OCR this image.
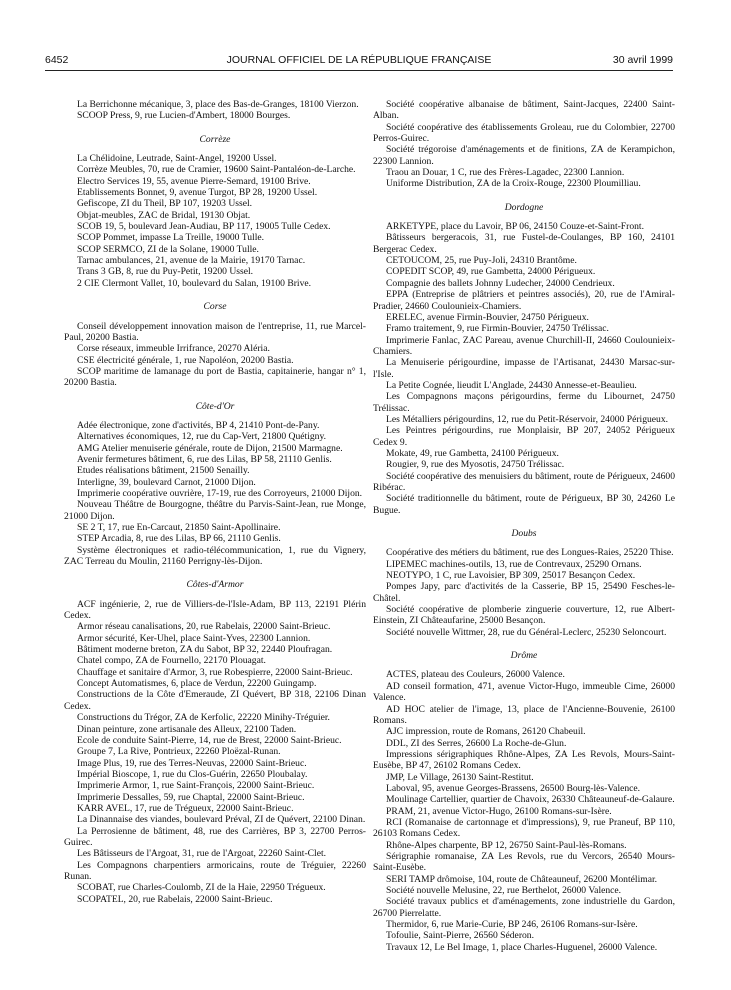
6452	JOURNAL OFFICIEL DE LA RÉPUBLIQUE FRANÇAISE	30 avril 1999

La Berrichonne mécanique, 3, place des Bas-de-Granges, 18100 Vierzon.

SCOOP Press, 9, rue Lucien-d'Ambert, 18000 Bourges.

Corrèze

La Chélidoine, Leutrade, Saint-Angel, 19200 Ussel.

Corrèze Meubles, 70, rue de Cramier, 19600 Saint-Pantaléon-de-Larche.

Electro Services 19, 55, avenue Pierre-Semard, 19100 Brive.

Etablissements Bonnet, 9, avenue Turgot, BP 28, 19200 Ussel.

Gefiscope, ZI du Theil, BP 107, 19203 Ussel.

Objat-meubles, ZAC de Bridal, 19130 Objat.

SCOB 19, 5, boulevard Jean-Audiau, BP 117, 19005 Tulle Cedex.

SCOP Pommet, impasse La Treille, 19000 Tulle.

SCOP SERMCO, ZI de la Solane, 19000 Tulle.

Tarnac ambulances, 21, avenue de la Mairie, 19170 Tarnac.

Trans 3 GB, 8, rue du Puy-Petit, 19200 Ussel.

2 CIE Clermont Vallet, 10, boulevard du Salan, 19100 Brive.

Corse

Conseil développement innovation maison de l'entreprise, 11, rue Marcel-Paul, 20200 Bastia.

Corse réseaux, immeuble Irrifrance, 20270 Aléria.

CSE électricité générale, 1, rue Napoléon, 20200 Bastia.

SCOP maritime de lamanage du port de Bastia, capitainerie, hangar n° 1, 20200 Bastia.

Côte-d'Or

Adée électronique, zone d'activités, BP 4, 21410 Pont-de-Pany.

Alternatives économiques, 12, rue du Cap-Vert, 21800 Quétigny.

AMG Atelier menuiserie générale, route de Dijon, 21500 Marmagne.

Avenir fermetures bâtiment, 6, rue des Lilas, BP 58, 21110 Genlis.

Etudes réalisations bâtiment, 21500 Senailly.

Interligne, 39, boulevard Carnot, 21000 Dijon.

Imprimerie coopérative ouvrière, 17-19, rue des Corroyeurs, 21000 Dijon.

Nouveau Théâtre de Bourgogne, théâtre du Parvis-Saint-Jean, rue Monge, 21000 Dijon.

SE 2 T, 17, rue En-Carcaut, 21850 Saint-Apollinaire.

STEP Arcadia, 8, rue des Lilas, BP 66, 21110 Genlis.

Système électroniques et radio-télécommunication, 1, rue du Vignery, ZAC Terreau du Moulin, 21160 Perrigny-lès-Dijon.

Côtes-d'Armor

ACF ingénierie, 2, rue de Villiers-de-l'Isle-Adam, BP 113, 22191 Plérin Cedex.

Armor réseau canalisations, 20, rue Rabelais, 22000 Saint-Brieuc.

Armor sécurité, Ker-Uhel, place Saint-Yves, 22300 Lannion.

Bâtiment moderne breton, ZA du Sabot, BP 32, 22440 Ploufragan.

Chatel compo, ZA de Fournello, 22170 Plouagat.

Chauffage et sanitaire d'Armor, 3, rue Robespierre, 22000 Saint-Brieuc.

Concept Automatismes, 6, place de Verdun, 22200 Guingamp.

Constructions de la Côte d'Emeraude, ZI Quévert, BP 318, 22106 Dinan Cedex.

Constructions du Trégor, ZA de Kerfolic, 22220 Minihy-Tréguier.

Dinan peinture, zone artisanale des Alleux, 22100 Taden.

Ecole de conduite Saint-Pierre, 14, rue de Brest, 22000 Saint-Brieuc.

Groupe 7, La Rive, Pontrieux, 22260 Ploëzal-Runan.

Image Plus, 19, rue des Terres-Neuvas, 22000 Saint-Brieuc.

Impérial Bioscope, 1, rue du Clos-Guérin, 22650 Ploubalay.

Imprimerie Armor, 1, rue Saint-François, 22000 Saint-Brieuc.

Imprimerie Dessalles, 59, rue Chaptal, 22000 Saint-Brieuc.

KARR AVEL, 17, rue de Trégueux, 22000 Saint-Brieuc.

La Dinannaise des viandes, boulevard Préval, ZI de Quévert, 22100 Dinan.

La Perrosienne de bâtiment, 48, rue des Carrières, BP 3, 22700 Perros-Guirec.

Les Bâtisseurs de l'Argoat, 31, rue de l'Argoat, 22260 Saint-Clet.

Les Compagnons charpentiers armoricains, route de Tréguier, 22260 Runan.

SCOBAT, rue Charles-Coulomb, ZI de la Haie, 22950 Trégueux.

SCOPATEL, 20, rue Rabelais, 22000 Saint-Brieuc.

Société coopérative albanaise de bâtiment, Saint-Jacques, 22400 Saint-Alban.

Société coopérative des établissements Groleau, rue du Colombier, 22700 Perros-Guirec.

Société trégoroise d'aménagements et de finitions, ZA de Kerampichon, 22300 Lannion.

Traou an Douar, 1 C, rue des Frères-Lagadec, 22300 Lannion.

Uniforme Distribution, ZA de la Croix-Rouge, 22300 Ploumilliau.

Dordogne

ARKETYPE, place du Lavoir, BP 06, 24150 Couze-et-Saint-Front.

Bâtisseurs bergeracois, 31, rue Fustel-de-Coulanges, BP 160, 24101 Bergerac Cedex.

CETOUCOM, 25, rue Puy-Joli, 24310 Brantôme.

COPEDIT SCOP, 49, rue Gambetta, 24000 Périgueux.

Compagnie des ballets Johnny Ludecher, 24000 Cendrieux.

EPPA (Entreprise de plâtriers et peintres associés), 20, rue de l'Amiral-Pradier, 24660 Coulounieix-Chamiers.

ERELEC, avenue Firmin-Bouvier, 24750 Périgueux.

Framo traitement, 9, rue Firmin-Bouvier, 24750 Trélissac.

Imprimerie Fanlac, ZAC Pareau, avenue Churchill-II, 24660 Coulounieix-Chamiers.

La Menuiserie périgourdine, impasse de l'Artisanat, 24430 Marsac-sur-l'Isle.

La Petite Cognée, lieudit L'Anglade, 24430 Annesse-et-Beaulieu.

Les Compagnons maçons périgourdins, ferme du Libournet, 24750 Trélissac.

Les Métalliers périgourdins, 12, rue du Petit-Réservoir, 24000 Périgueux.

Les Peintres périgourdins, rue Monplaisir, BP 207, 24052 Périgueux Cedex 9.

Mokate, 49, rue Gambetta, 24100 Périgueux.

Rougier, 9, rue des Myosotis, 24750 Trélissac.

Société coopérative des menuisiers du bâtiment, route de Périgueux, 24600 Ribérac.

Société traditionnelle du bâtiment, route de Périgueux, BP 30, 24260 Le Bugue.

Doubs

Coopérative des métiers du bâtiment, rue des Longues-Raies, 25220 Thise.

LIPEMEC machines-outils, 13, rue de Contrevaux, 25290 Ornans.

NEOTYPO, 1 C, rue Lavoisier, BP 309, 25017 Besançon Cedex.

Pompes Japy, parc d'activités de la Casserie, BP 15, 25490 Fesches-le-Châtel.

Société coopérative de plomberie zinguerie couverture, 12, rue Albert-Einstein, ZI Châteaufarine, 25000 Besançon.

Société nouvelle Wittmer, 28, rue du Général-Leclerc, 25230 Seloncourt.

Drôme

ACTES, plateau des Couleurs, 26000 Valence.

AD conseil formation, 471, avenue Victor-Hugo, immeuble Cime, 26000 Valence.

AD HOC atelier de l'image, 13, place de l'Ancienne-Bouvenie, 26100 Romans.

AJC impression, route de Romans, 26120 Chabeuil.

DDL, ZI des Serres, 26600 La Roche-de-Glun.

Impressions sérigraphiques Rhône-Alpes, ZA Les Revols, Mours-Saint-Eusèbe, BP 47, 26102 Romans Cedex.

JMP, Le Village, 26130 Saint-Restitut.

Laboval, 95, avenue Georges-Brassens, 26500 Bourg-lès-Valence.

Moulinage Cartellier, quartier de Chavoix, 26330 Châteauneuf-de-Galaure.

PRAM, 21, avenue Victor-Hugo, 26100 Romans-sur-Isère.

RCI (Romanaise de cartonnage et d'impressions), 9, rue Praneuf, BP 110, 26103 Romans Cedex.

Rhône-Alpes charpente, BP 12, 26750 Saint-Paul-lès-Romans.

Sérigraphie romanaise, ZA Les Revols, rue du Vercors, 26540 Mours-Saint-Eusèbe.

SERI TAMP drômoise, 104, route de Châteauneuf, 26200 Montélimar.

Société nouvelle Melusine, 22, rue Berthelot, 26000 Valence.

Société travaux publics et d'aménagements, zone industrielle du Gardon, 26700 Pierrelatte.

Thermidor, 6, rue Marie-Curie, BP 246, 26106 Romans-sur-Isère.

Tofoulie, Saint-Pierre, 26560 Séderon.

Travaux 12, Le Bel Image, 1, place Charles-Huguenel, 26000 Valence.
